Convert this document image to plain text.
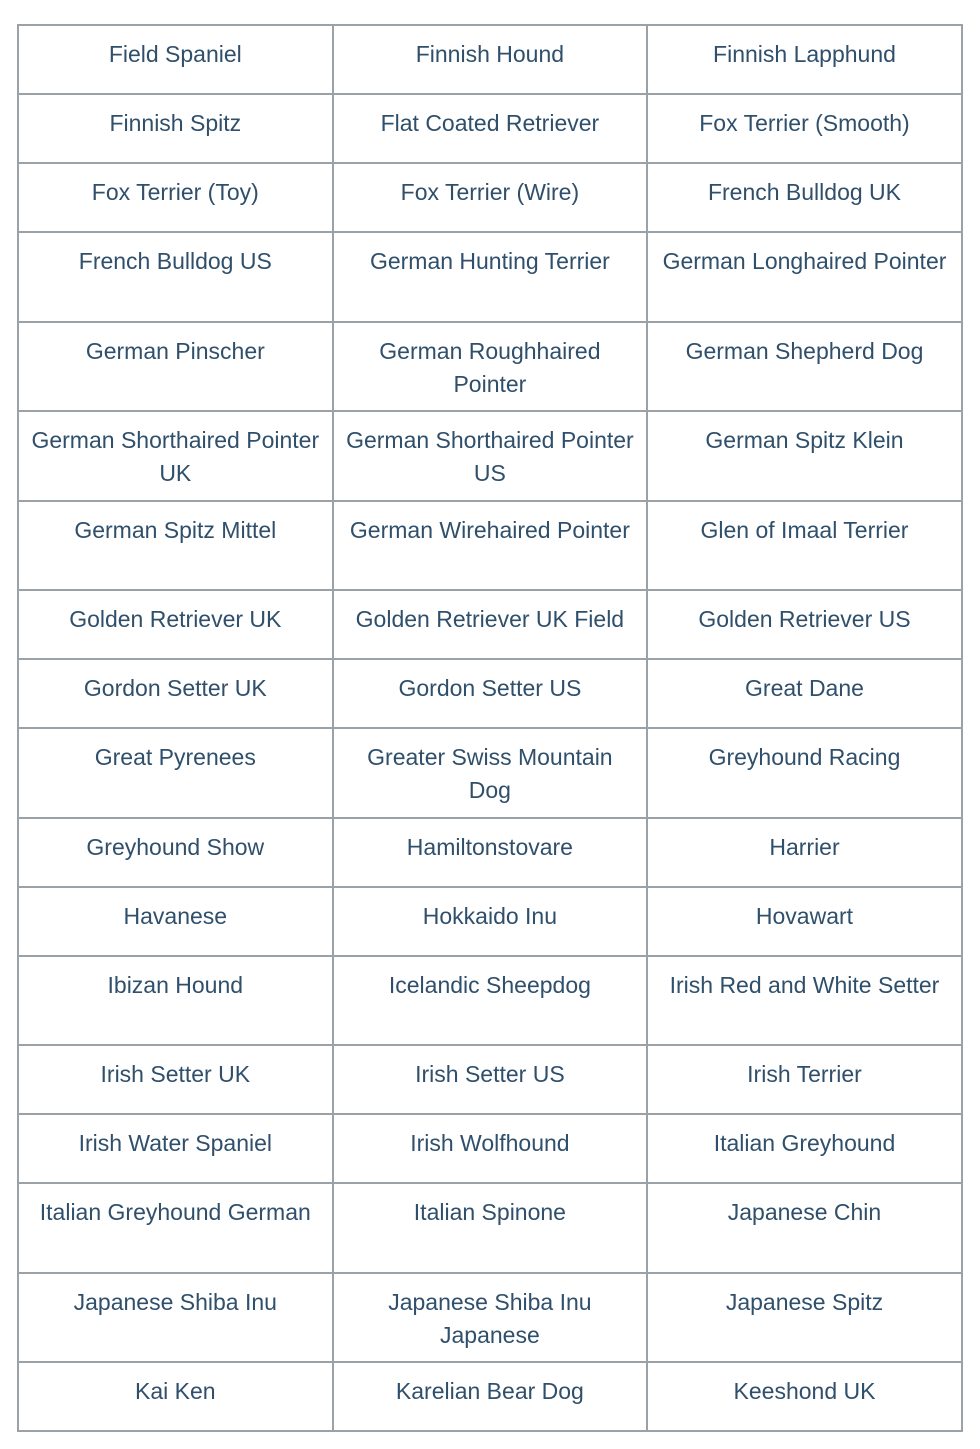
Field Spaniel	Finnish Hound	Finnish Lapphund
Finnish Spitz	Flat Coated Retriever	Fox Terrier (Smooth)
Fox Terrier (Toy)	Fox Terrier (Wire)	French Bulldog UK
French Bulldog US	German Hunting Terrier	German Longhaired Pointer
German Pinscher	German Roughhaired Pointer	German Shepherd Dog
German Shorthaired Pointer UK	German Shorthaired Pointer US	German Spitz Klein
German Spitz Mittel	German Wirehaired Pointer	Glen of Imaal Terrier
Golden Retriever UK	Golden Retriever UK Field	Golden Retriever US
Gordon Setter UK	Gordon Setter US	Great Dane
Great Pyrenees	Greater Swiss Mountain Dog	Greyhound Racing
Greyhound Show	Hamiltonstovare	Harrier
Havanese	Hokkaido Inu	Hovawart
Ibizan Hound	Icelandic Sheepdog	Irish Red and White Setter
Irish Setter UK	Irish Setter US	Irish Terrier
Irish Water Spaniel	Irish Wolfhound	Italian Greyhound
Italian Greyhound German	Italian Spinone	Japanese Chin
Japanese Shiba Inu	Japanese Shiba Inu Japanese	Japanese Spitz
Kai Ken	Karelian Bear Dog	Keeshond UK
